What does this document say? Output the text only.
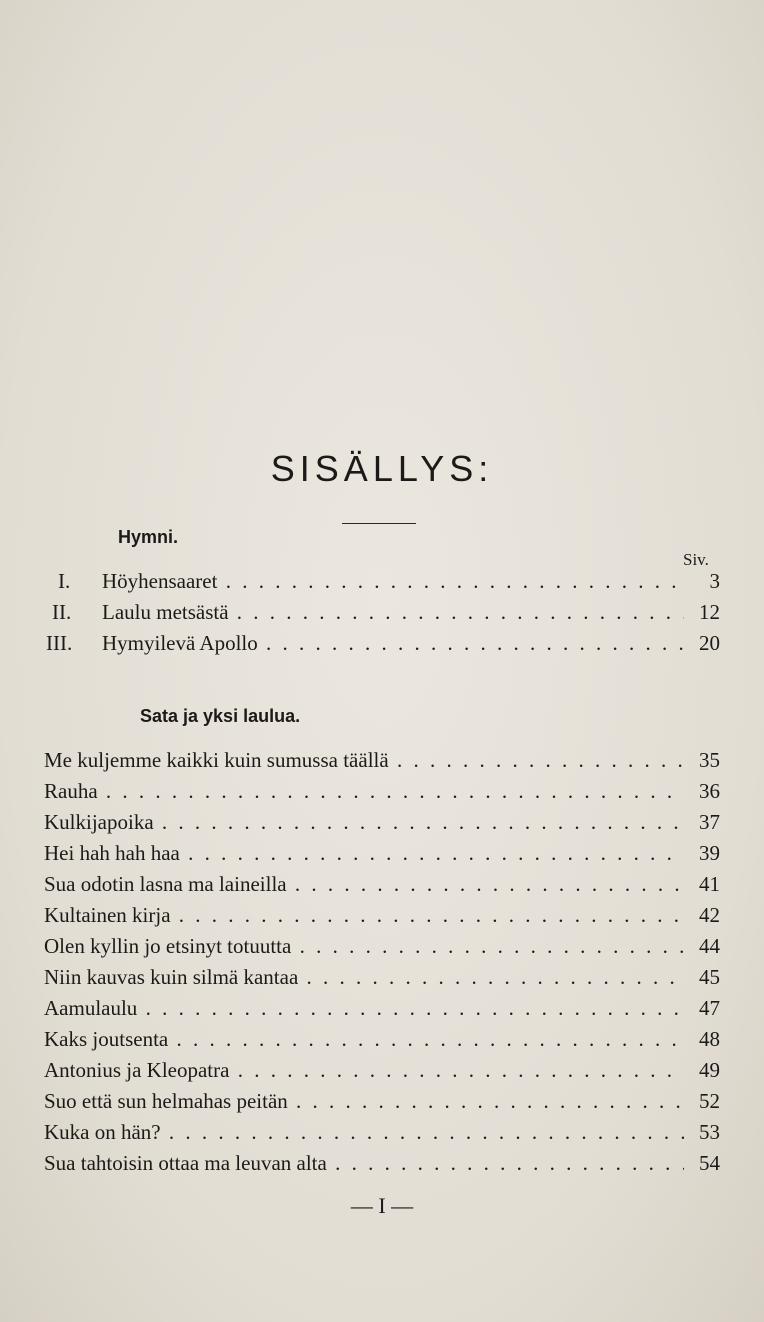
SISÄLLYS:
Hymni.
Siv.
I. Höyhensaaret . . .	3
II. Laulu metsästä . . .	12
III. Hymyilevä Apollo . . .	20
Sata ja yksi laulua.
Me kuljemme kaikki kuin sumussa täällä . . .	35
Rauha . . .	36
Kulkijapoika . . .	37
Hei hah hah haa . . .	39
Sua odotin lasna ma laineilla . . .	41
Kultainen kirja . . .	42
Olen kyllin jo etsinyt totuutta . . .	44
Niin kauvas kuin silmä kantaa . . .	45
Aamulaulu . . .	47
Kaks joutsenta . . .	48
Antonius ja Kleopatra . . .	49
Suo että sun helmahas peitän . . .	52
Kuka on hän? . . .	53
Sua tahtoisin ottaa ma leuvan alta . . .	54
— I —
